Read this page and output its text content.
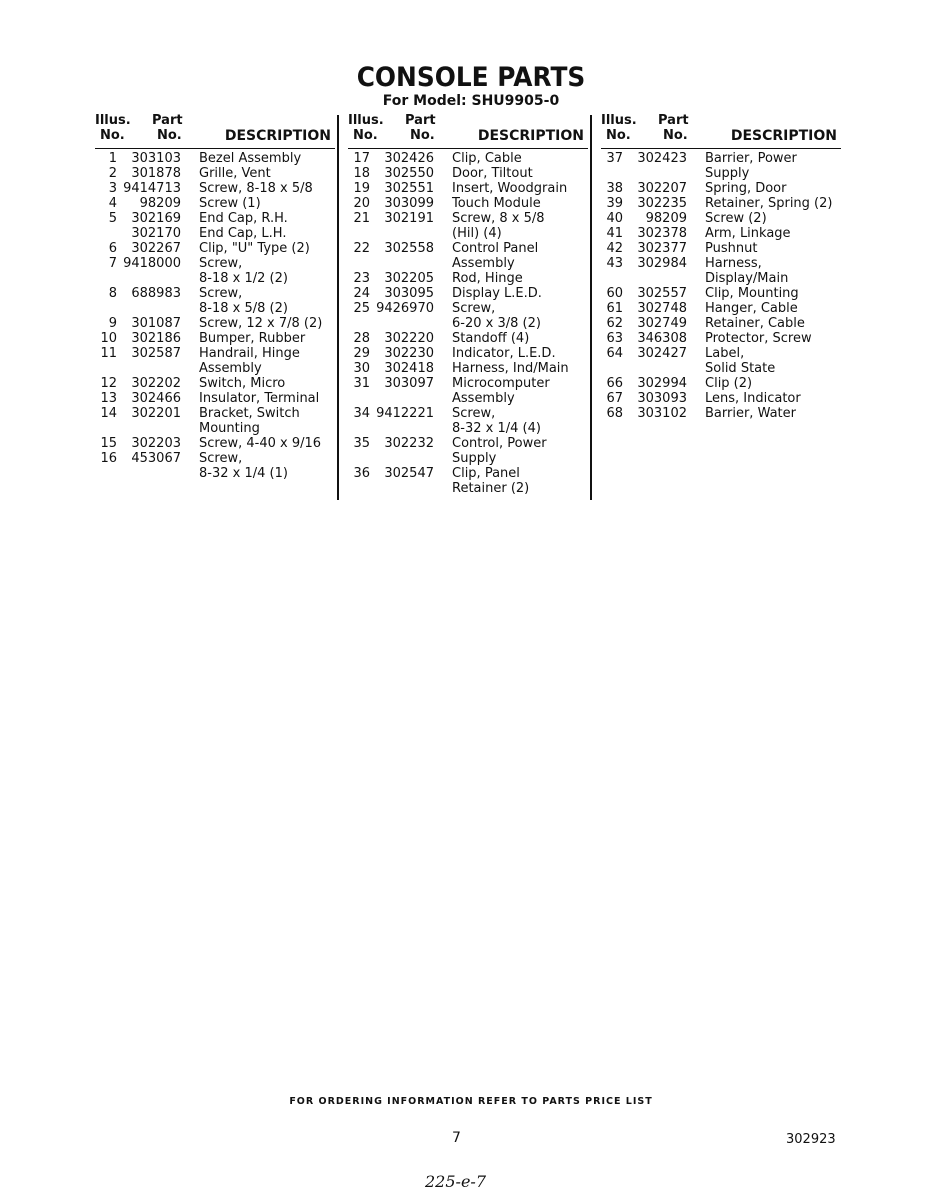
CONSOLE PARTS
For Model: SHU9905-0
Illus.
No.
Part
No.	DESCRIPTION
1	303103 Bezel Assembly
2	301878 Grille, Vent
3 9414713 Screw, 8-18 x 5/8
4	98209 Screw (1)
5	302169 End Cap, R.H.
302170 End Cap, L.H.
6	302267 Clip, "U" Type (2)
7 9418000 Screw,
8-18 x 1/2 (2)
8	688983 Screw,
8-18 x 5/8 (2)
9	301087 Screw, 12 x 7/8 (2)
10	302186 Bumper, Rubber
11	302587 Handrail, Hinge
Assembly
12	302202 Switch, Micro
13	302466 Insulator, Terminal
14	302201 Bracket, Switch
Mounting
15	302203 Screw, 4-40 x 9/16
16	453067 Screw,
8-32 x 1/4 (1)
Illus.
No.
Part
No.	DESCRIPTION
17	302426 Clip, Cable
18	302550 Door, Tiltout
19	302551 Insert, Woodgrain
20	303099 Touch Module
21	302191 Screw, 8 x 5/8
(Hil) (4)
22	302558 Control Panel
Assembly
23	302205 Rod, Hinge
24	303095 Display L.E.D.
25 9426970 Screw,
6-20 x 3/8 (2)
28	302220 Standoff (4)
29	302230 Indicator, L.E.D.
30	302418 Harness, Ind/Main
31	303097 Microcomputer
Assembly
34 9412221 Screw,
8-32 x 1/4 (4)
35	302232 Control, Power
Supply
36	302547 Clip, Panel
Retainer (2)
Illus.
No.
Part
No.	DESCRIPTION
37	302423 Barrier, Power
Supply
38	302207 Spring, Door
39	302235 Retainer, Spring (2)
40	98209 Screw (2)
41	302378 Arm, Linkage
42	302377 Pushnut
43	302984 Harness,
Display/Main
60	302557 Clip, Mounting
61	302748 Hanger, Cable
62	302749 Retainer, Cable
63	346308 Protector, Screw
64	302427 Label,
Solid State
66	302994 Clip (2)
67	303093 Lens, Indicator
68	303102 Barrier, Water
FOR ORDERING INFORMATION REFER TO PARTS PRICE LIST
7	302923
225-e-7
